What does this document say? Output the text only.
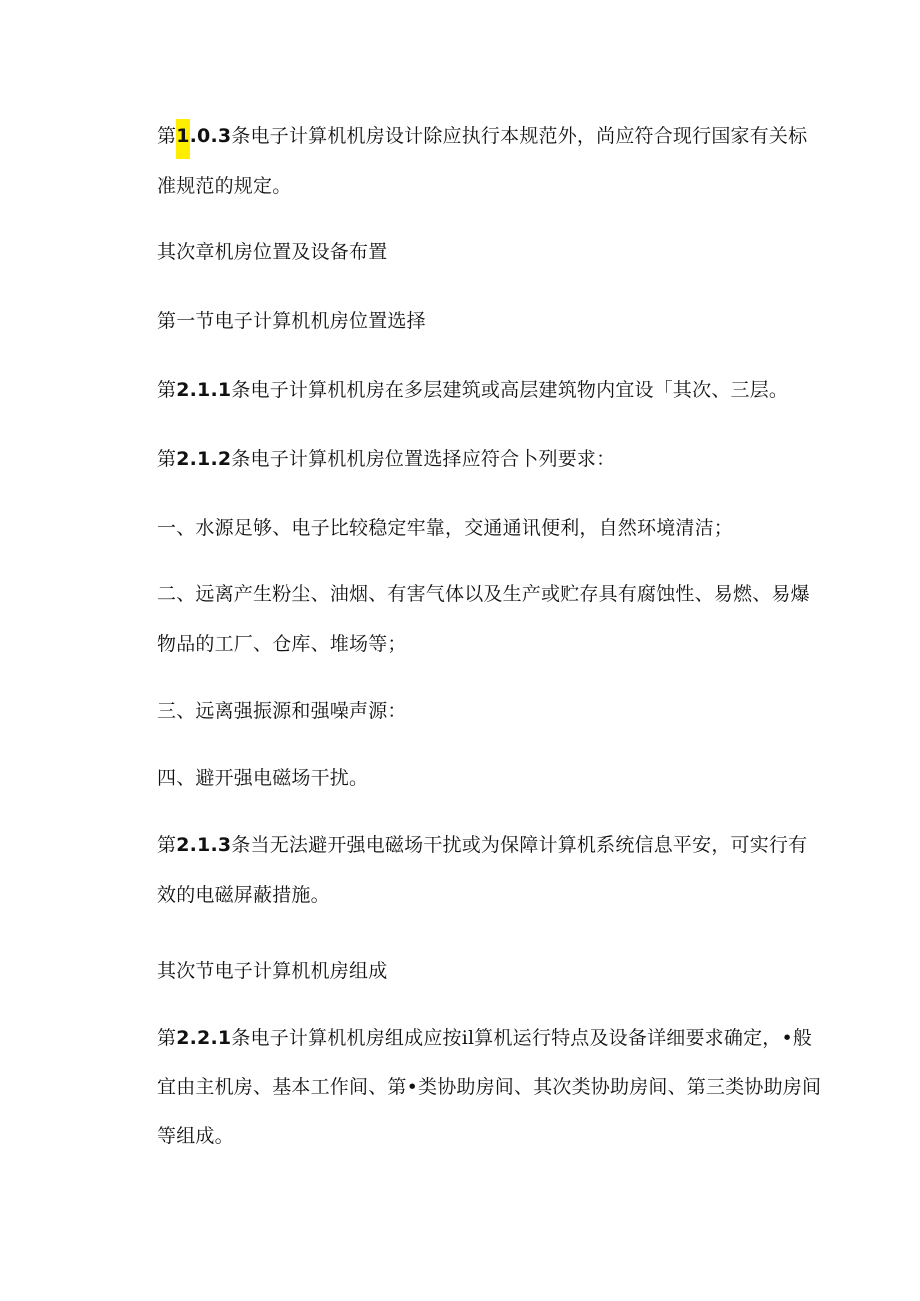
第1.0.3条电子计算机机房设计除应执行本规范外，尚应符合现行国家有关标
准规范的规定。
其次章机房位置及设备布置
第一节电子计算机机房位置选择
第2.1.1条电子计算机机房在多层建筑或高层建筑物内宜设「其次、三层。
第2.1.2条电子计算机机房位置选择应符合卜列要求：
一、水源足够、电子比较稳定牢靠，交通通讯便利，自然环境清洁；
二、远离产生粉尘、油烟、有害气体以及生产或贮存具有腐蚀性、易燃、易爆
物品的工厂、仓库、堆场等；
三、远离强振源和强噪声源：
四、避开强电磁场干扰。
第2.1.3条当无法避开强电磁场干扰或为保障计算机系统信息平安，可实行有
效的电磁屏蔽措施。
其次节电子计算机机房组成
第2.2.1条电子计算机机房组成应按il算机运行特点及设备详细要求确定，•般
宜由主机房、基本工作间、第•类协助房间、其次类协助房间、第三类协助房间
等组成。
